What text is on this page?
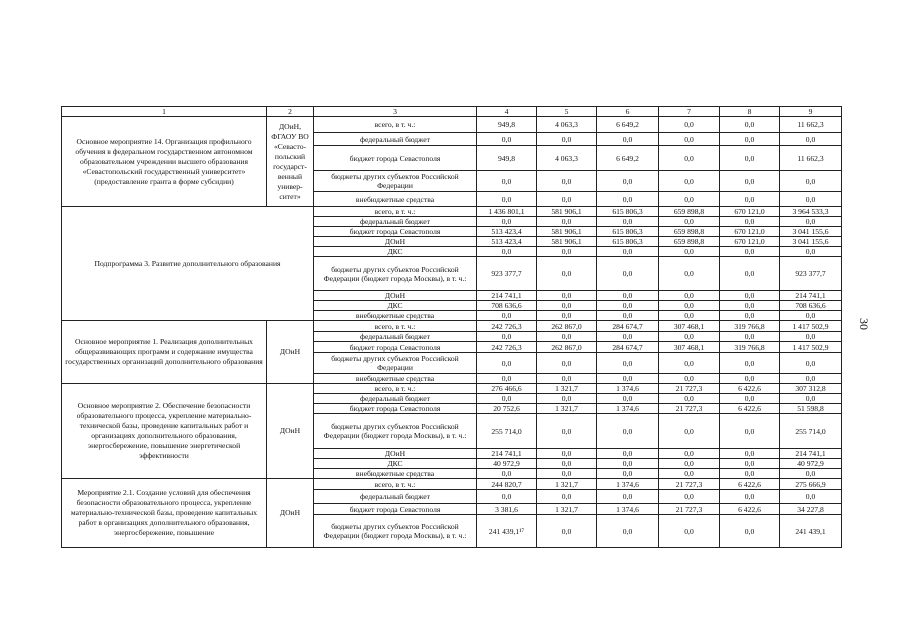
1	2	3	4	5	6	7	8	9
Основное мероприятие 14. Организация профильного обучения в федеральном государственном автономном образовательном учреждении высшего образования «Севастопольский государственный университет» (предоставление гранта в форме субсидии)	ДОиН, ФГАОУ ВО «Севасто-польский государст-венный универ-ситет»	всего, в т. ч.:	949,8	4 063,3	6 649,2	0,0	0,0	11 662,3
		федеральный бюджет	0,0	0,0	0,0	0,0	0,0	0,0
		бюджет города Севастополя	949,8	4 063,3	6 649,2	0,0	0,0	11 662,3
		бюджеты других субъектов Российской Федерации	0,0	0,0	0,0	0,0	0,0	0,0
		внебюджетные средства	0,0	0,0	0,0	0,0	0,0	0,0
Подпрограмма 3. Развитие дополнительного образования		всего, в т. ч.:	1 436 801,1	581 906,1	615 806,3	659 898,8	670 121,0	3 964 533,3
		федеральный бюджет	0,0	0,0	0,0	0,0	0,0	0,0
		бюджет города Севастополя	513 423,4	581 906,1	615 806,3	659 898,8	670 121,0	3 041 155,6
		ДОиН	513 423,4	581 906,1	615 806,3	659 898,8	670 121,0	3 041 155,6
		ДКС	0,0	0,0	0,0	0,0	0,0	0,0
		бюджеты других субъектов Российской Федерации (бюджет города Москвы), в т. ч.:	923 377,7	0,0	0,0	0,0	0,0	923 377,7
		ДОиН	214 741,1	0,0	0,0	0,0	0,0	214 741,1
		ДКС	708 636,6	0,0	0,0	0,0	0,0	708 636,6
		внебюджетные средства	0,0	0,0	0,0	0,0	0,0	0,0
Основное мероприятие 1. Реализация дополнительных общеразвивающих программ и содержание имущества государственных организаций дополнительного образования	ДОиН	всего, в т. ч.:	242 726,3	262 867,0	284 674,7	307 468,1	319 766,8	1 417 502,9
		федеральный бюджет	0,0	0,0	0,0	0,0	0,0	0,0
		бюджет города Севастополя	242 726,3	262 867,0	284 674,7	307 468,1	319 766,8	1 417 502,9
		бюджеты других субъектов Российской Федерации	0,0	0,0	0,0	0,0	0,0	0,0
		внебюджетные средства	0,0	0,0	0,0	0,0	0,0	0,0
Основное мероприятие 2. Обеспечение безопасности образовательного процесса, укрепление материально-технической базы, проведение капитальных работ и организациях дополнительного образования, энергосбережение, повышение энергетической эффективности	ДОиН	всего, в т. ч.:	276 466,6	1 321,7	1 374,6	21 727,3	6 422,6	307 312,8
		федеральный бюджет	0,0	0,0	0,0	0,0	0,0	0,0
		бюджет города Севастополя	20 752,6	1 321,7	1 374,6	21 727,3	6 422,6	51 598,8
		бюджеты других субъектов Российской Федерации (бюджет города Москвы), в т. ч.:	255 714,0	0,0	0,0	0,0	0,0	255 714,0
		ДОиН	214 741,1	0,0	0,0	0,0	0,0	214 741,1
		ДКС	40 972,9	0,0	0,0	0,0	0,0	40 972,9
		внебюджетные средства	0,0	0,0	0,0	0,0	0,0	0,0
Мероприятие 2.1. Создание условий для обеспечения безопасности образовательного процесса, укрепление материально-технической базы, проведение капитальных работ в организациях дополнительного образования, энергосбережение, повышение	ДОиН	всего, в т. ч.:	244 820,7	1 321,7	1 374,6	21 727,3	6 422,6	275 666,9
		федеральный бюджет	0,0	0,0	0,0	0,0	0,0	0,0
		бюджет города Севастополя	3 381,6	1 321,7	1 374,6	21 727,3	6 422,6	34 227,8
		бюджеты других субъектов Российской Федерации (бюджет города Москвы), в т. ч.:	241 439,1¹⁷	0,0	0,0	0,0	0,0	241 439,1
30
